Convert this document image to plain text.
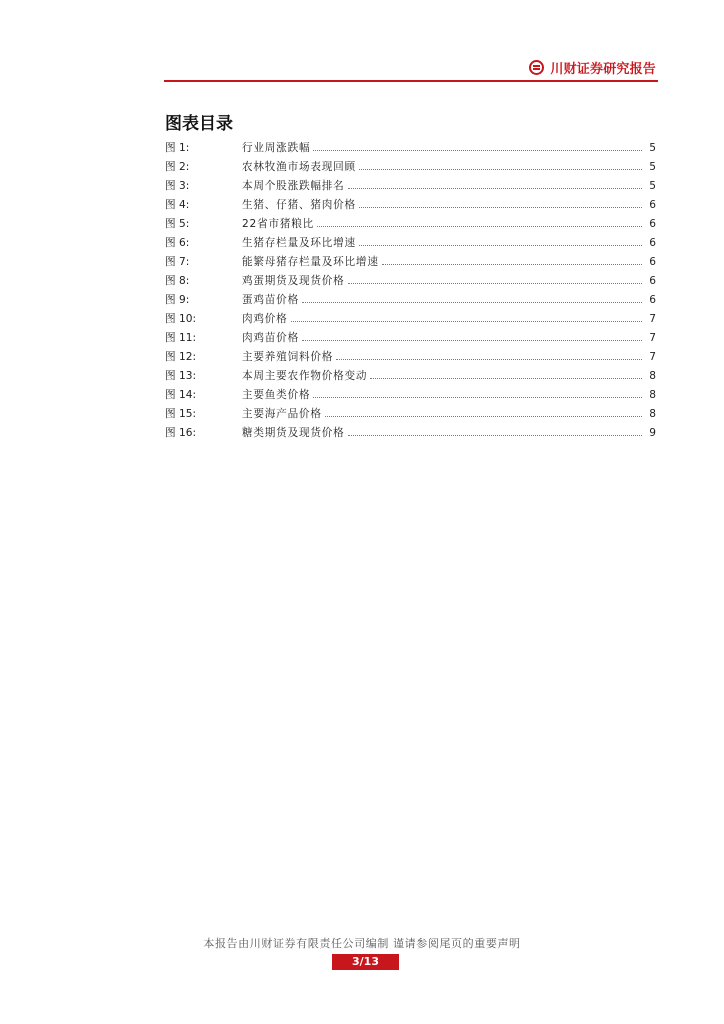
川财证券研究报告
图表目录
图 1:	行业周涨跌幅	5
图 2:	农林牧渔市场表现回顾	5
图 3:	本周个股涨跌幅排名	5
图 4:	生猪、仔猪、猪肉价格	6
图 5:	22省市猪粮比	6
图 6:	生猪存栏量及环比增速	6
图 7:	能繁母猪存栏量及环比增速	6
图 8:	鸡蛋期货及现货价格	6
图 9:	蛋鸡苗价格	6
图 10:	肉鸡价格	7
图 11:	肉鸡苗价格	7
图 12:	主要养殖饲料价格	7
图 13:	本周主要农作物价格变动	8
图 14:	主要鱼类价格	8
图 15:	主要海产品价格	8
图 16:	糖类期货及现货价格	9
本报告由川财证券有限责任公司编制 谨请参阅尾页的重要声明
3/13
